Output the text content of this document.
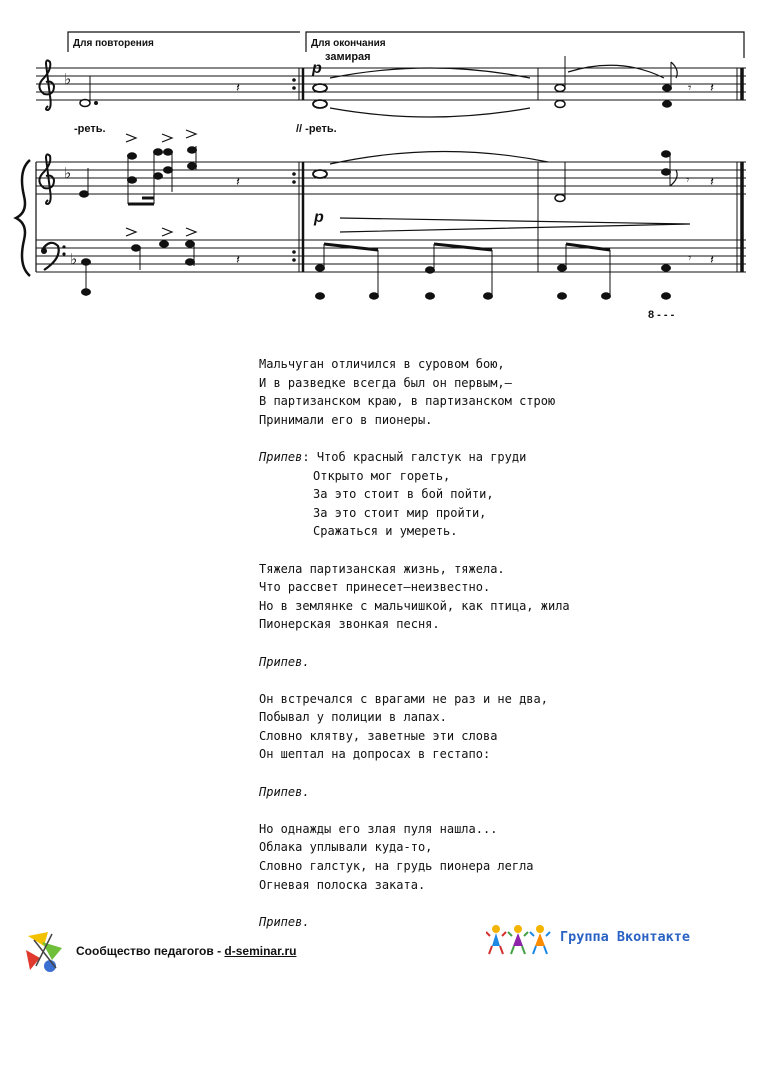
Для повторения	Для окончания
замирая
p
♭
♭
♭
𝄽
𝄽
𝄽
𝄾 𝄽
𝄾 𝄽
𝄾 𝄽
-реть.	// -реть.
p
8 - - -
Мальчуган отличился в суровом бою,
И в разведке всегда был он первым,—
В партизанском краю, в партизанском строю
Принимали его в пионеры.
Припев: Чтоб красный галстук на груди
Открыто мог гореть,
За это стоит в бой пойти,
За это стоит мир пройти,
Сражаться и умереть.
Тяжела партизанская жизнь, тяжела.
Что рассвет принесет—неизвестно.
Но в землянке с мальчишкой, как птица, жила
Пионерская звонкая песня.
Припев.
Он встречался с врагами не раз и не два,
Побывал у полиции в лапах.
Словно клятву, заветные эти слова
Он шептал на допросах в гестапо:
Припев.
Но однажды его злая пуля нашла...
Облака уплывали куда-то,
Словно галстук, на грудь пионера легла
Огневая полоска заката.
Припев.
Сообщество педагогов - d-seminar.ru
Группа Вконтакте
